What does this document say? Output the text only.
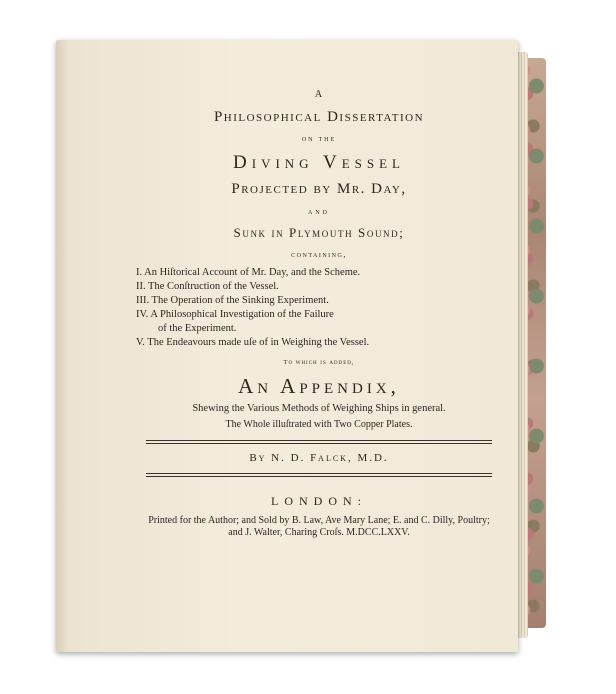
A

Philosophical Dissertation

on the

Diving Vessel

Projected by Mr. Day,

and

Sunk in Plymouth Sound;

containing,

I. An Hiſtorical Account of Mr. Day, and the Scheme.
II. The Conſtruction of the Vessel.
III. The Operation of the Sinking Experiment.
IV. A Philosophical Investigation of the Failure
of the Experiment.
V. The Endeavours made uſe of in Weighing the Vessel.

To which is added,

An Appendix,

Shewing the Various Methods of Weighing Ships in general.

The Whole illuſtrated with Two Copper Plates.

By N. D. Falck, M.D.

LONDON:

Printed for the Author; and Sold by B. Law, Ave Mary Lane; E. and C. Dilly, Poultry; and J. Walter, Charing Croſs. M.DCC.LXXV.
